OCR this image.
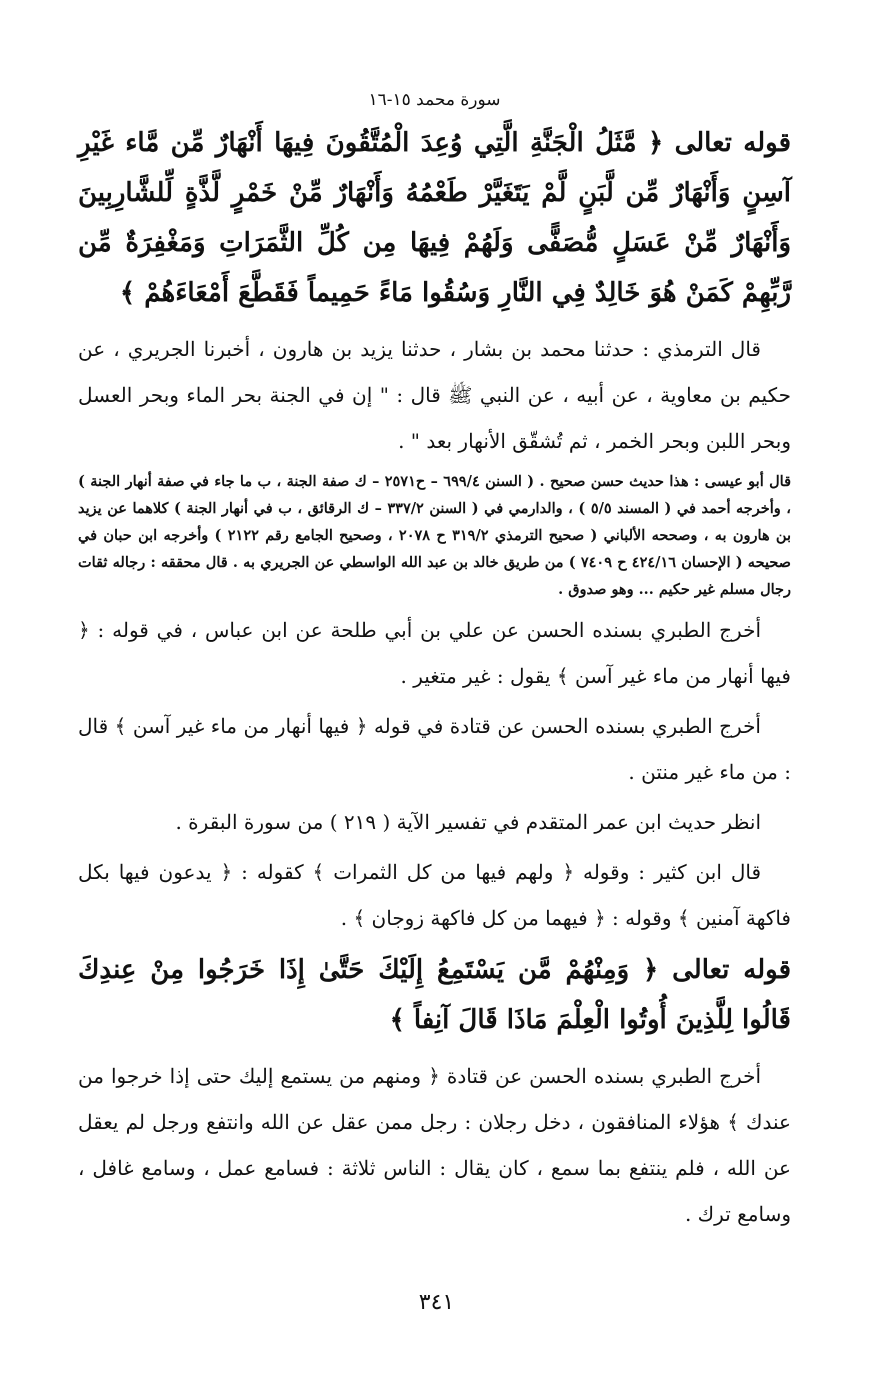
سورة محمد ١٥-١٦

قوله تعالى ﴿ مَّثَلُ الْجَنَّةِ الَّتِي وُعِدَ الْمُتَّقُونَ فِيهَا أَنْهَارٌ مِّن مَّاء غَيْرِ آسِنٍ وَأَنْهَارٌ مِّن لَّبَنٍ لَّمْ يَتَغَيَّرْ طَعْمُهُ وَأَنْهَارٌ مِّنْ خَمْرٍ لَّذَّةٍ لِّلشَّارِبِينَ وَأَنْهَارٌ مِّنْ عَسَلٍ مُّصَفًّى وَلَهُمْ فِيهَا مِن كُلِّ الثَّمَرَاتِ وَمَغْفِرَةٌ مِّن رَّبِّهِمْ كَمَنْ هُوَ خَالِدٌ فِي النَّارِ وَسُقُوا مَاءً حَمِيماً فَقَطَّعَ أَمْعَاءَهُمْ ﴾

قال الترمذي : حدثنا محمد بن بشار ، حدثنا يزيد بن هارون ، أخبرنا الجريري ، عن حكيم بن معاوية ، عن أبيه ، عن النبي ﷺ قال : " إن في الجنة بحر الماء وبحر العسل وبحر اللبن وبحر الخمر ، ثم تُشقّق الأنهار بعد " .

قال أبو عيسى : هذا حديث حسن صحيح . ( السنن ٦٩٩/٤ – ح٢٥٧١ – ك صفة الجنة ، ب ما جاء في صفة أنهار الجنة ) ، وأخرجه أحمد في ( المسند ٥/٥ ) ، والدارمي في ( السنن ٣٣٧/٢ – ك الرقائق ، ب في أنهار الجنة ) كلاهما عن يزيد بن هارون به ، وصححه الألباني ( صحيح الترمذي ٣١٩/٢ ح ٢٠٧٨ ، وصحيح الجامع رقم ٢١٢٢ ) وأخرجه ابن حبان في صحيحه ( الإحسان ٤٢٤/١٦ ح ٧٤٠٩ ) من طريق خالد بن عبد الله الواسطي عن الجريري به . قال محققه : رجاله ثقات رجال مسلم غير حكيم ... وهو صدوق .

أخرج الطبري بسنده الحسن عن علي بن أبي طلحة عن ابن عباس ، في قوله : ﴿ فيها أنهار من ماء غير آسن ﴾ يقول : غير متغير .

أخرج الطبري بسنده الحسن عن قتادة في قوله ﴿ فيها أنهار من ماء غير آسن ﴾ قال : من ماء غير منتن .

انظر حديث ابن عمر المتقدم في تفسير الآية ( ٢١٩ ) من سورة البقرة .

قال ابن كثير : وقوله ﴿ ولهم فيها من كل الثمرات ﴾ كقوله : ﴿ يدعون فيها بكل فاكهة آمنين ﴾ وقوله : ﴿ فيهما من كل فاكهة زوجان ﴾ .

قوله تعالى ﴿ وَمِنْهُمْ مَّن يَسْتَمِعُ إِلَيْكَ حَتَّىٰ إِذَا خَرَجُوا مِنْ عِندِكَ قَالُوا لِلَّذِينَ أُوتُوا الْعِلْمَ مَاذَا قَالَ آنِفاً ﴾

أخرج الطبري بسنده الحسن عن قتادة ﴿ ومنهم من يستمع إليك حتى إذا خرجوا من عندك ﴾ هؤلاء المنافقون ، دخل رجلان : رجل ممن عقل عن الله وانتفع ورجل لم يعقل عن الله ، فلم ينتفع بما سمع ، كان يقال : الناس ثلاثة : فسامع عمل ، وسامع غافل ، وسامع ترك .

٣٤١
